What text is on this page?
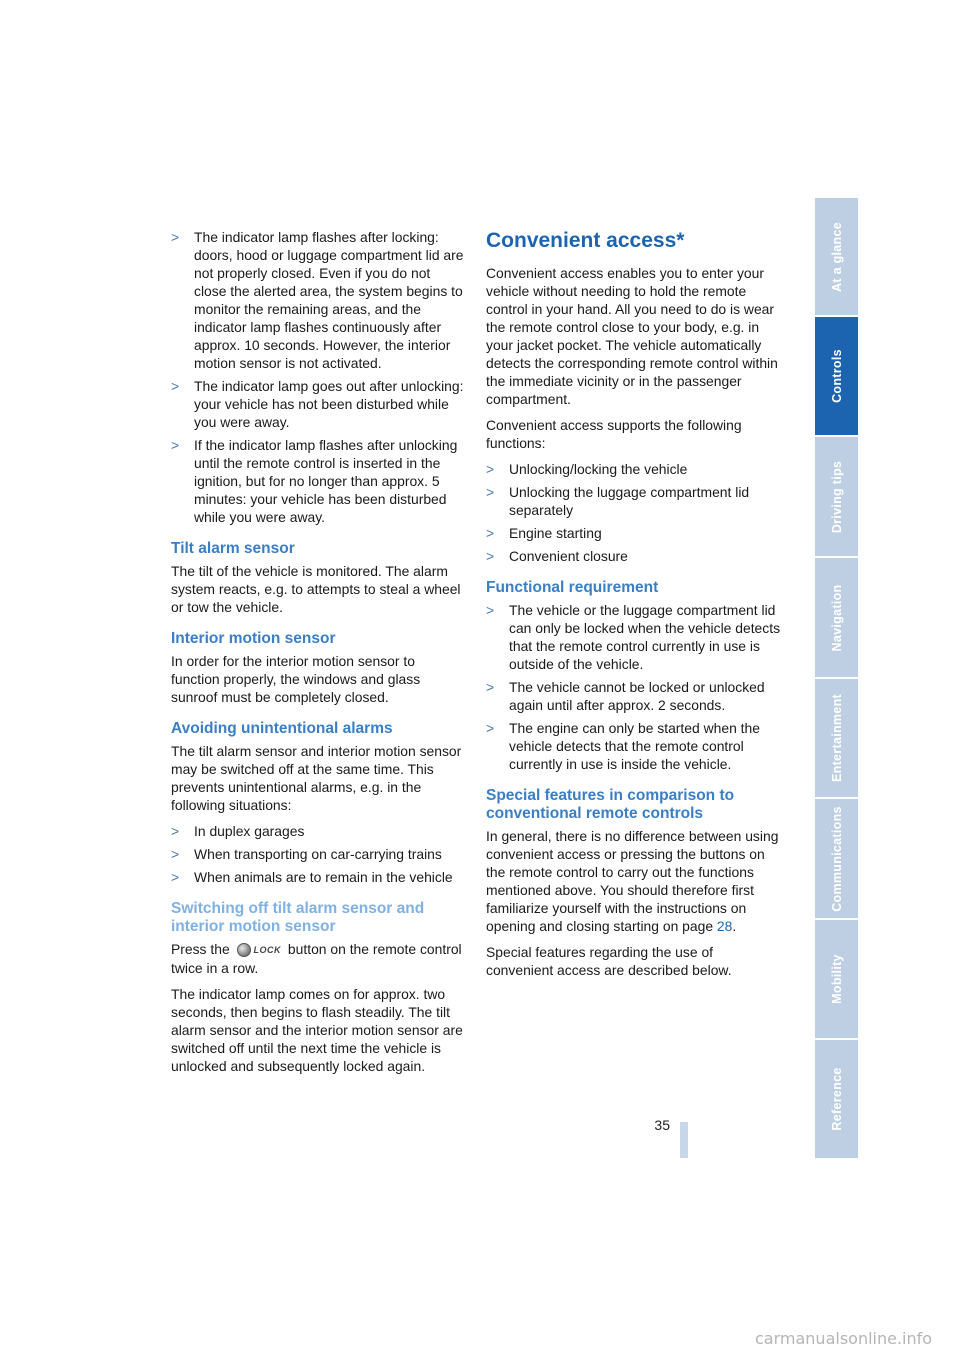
> The indicator lamp flashes after locking: doors, hood or luggage compartment lid are not properly closed. Even if you do not close the alerted area, the system begins to monitor the remaining areas, and the indicator lamp flashes continuously after approx. 10 seconds. However, the interior motion sensor is not activated.
> The indicator lamp goes out after unlocking: your vehicle has not been disturbed while you were away.
> If the indicator lamp flashes after unlocking until the remote control is inserted in the ignition, but for no longer than approx. 5 minutes: your vehicle has been disturbed while you were away.
Tilt alarm sensor

The tilt of the vehicle is monitored. The alarm system reacts, e.g. to attempts to steal a wheel or tow the vehicle.

Interior motion sensor

In order for the interior motion sensor to function properly, the windows and glass sunroof must be completely closed.

Avoiding unintentional alarms

The tilt alarm sensor and interior motion sensor may be switched off at the same time. This prevents unintentional alarms, e.g. in the following situations:

> In duplex garages
> When transporting on car-carrying trains
> When animals are to remain in the vehicle
Switching off tilt alarm sensor and interior motion sensor

Press the	LOCK button on the remote control twice in a row.

The indicator lamp comes on for approx. two seconds, then begins to flash steadily. The tilt alarm sensor and the interior motion sensor are switched off until the next time the vehicle is unlocked and subsequently locked again.

Convenient access*

Convenient access enables you to enter your vehicle without needing to hold the remote control in your hand. All you need to do is wear the remote control close to your body, e.g. in your jacket pocket. The vehicle automatically detects the corresponding remote control within the immediate vicinity or in the passenger compartment.

Convenient access supports the following functions:

> Unlocking/locking the vehicle
> Unlocking the luggage compartment lid separately
> Engine starting
> Convenient closure
Functional requirement
> The vehicle or the luggage compartment lid can only be locked when the vehicle detects that the remote control currently in use is outside of the vehicle.
> The vehicle cannot be locked or unlocked again until after approx. 2 seconds.
> The engine can only be started when the vehicle detects that the remote control currently in use is inside the vehicle.
Special features in comparison to conventional remote controls

In general, there is no difference between using convenient access or pressing the buttons on the remote control to carry out the functions mentioned above. You should therefore first familiarize yourself with the instructions on opening and closing starting on page 28.

Special features regarding the use of convenient access are described below.

At a glance
Controls
Driving tips
Navigation
Entertainment
Communications
Mobility
Reference
35
carmanualsonline.info
